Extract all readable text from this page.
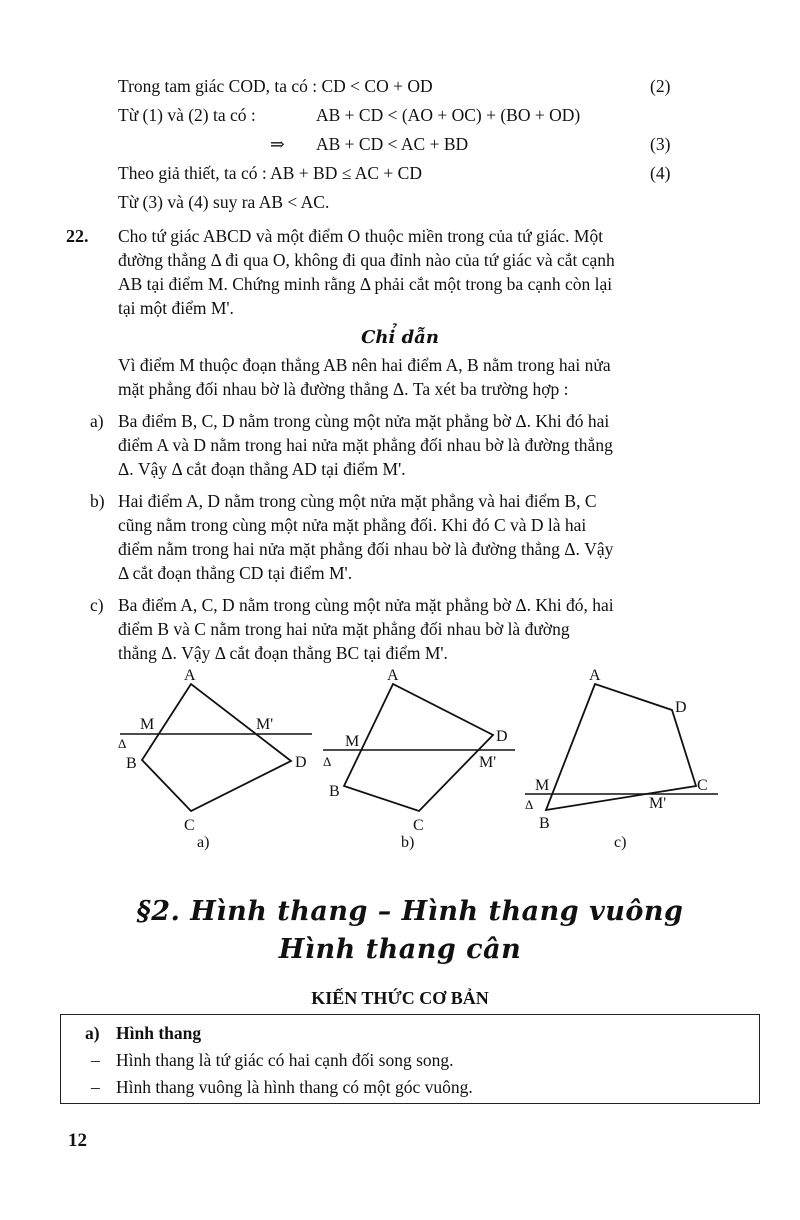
Trong tam giác COD, ta có : CD < CO + OD	(2)
Từ (1) và (2) ta có :	AB + CD < (AO + OC) + (BO + OD)
⇒ AB + CD < AC + BD	(3)
Theo giả thiết, ta có : AB + BD ≤ AC + CD	(4)
Từ (3) và (4) suy ra AB < AC.
22. Cho tứ giác ABCD và một điểm O thuộc miền trong của tứ giác. Một
đường thẳng Δ đi qua O, không đi qua đỉnh nào của tứ giác và cắt cạnh
AB tại điểm M. Chứng minh rằng Δ phải cắt một trong ba cạnh còn lại
tại một điểm M'.
Chỉ dẫn
Vì điểm M thuộc đoạn thẳng AB nên hai điểm A, B nằm trong hai nửa
mặt phẳng đối nhau bờ là đường thẳng Δ. Ta xét ba trường hợp :
a) Ba điểm B, C, D nằm trong cùng một nửa mặt phẳng bờ Δ. Khi đó hai
điểm A và D nằm trong hai nửa mặt phẳng đối nhau bờ là đường thẳng
Δ. Vậy Δ cắt đoạn thẳng AD tại điểm M'.
b) Hai điểm A, D nằm trong cùng một nửa mặt phẳng và hai điểm B, C
cũng nằm trong cùng một nửa mặt phẳng đối. Khi đó C và D là hai
điểm nằm trong hai nửa mặt phẳng đối nhau bờ là đường thẳng Δ. Vậy
Δ cắt đoạn thẳng CD tại điểm M'.
c) Ba điểm A, C, D nằm trong cùng một nửa mặt phẳng bờ Δ. Khi đó, hai
điểm B và C nằm trong hai nửa mặt phẳng đối nhau bờ là đường
thẳng Δ. Vậy Δ cắt đoạn thẳng BC tại điểm M'.
A
M	M'
Δ
B	D
C
a)
A
M
Δ
D
M'
B
C
b)
A
D
M	C
Δ	M'
B
c)
§2. Hình thang – Hình thang vuông
Hình thang cân
KIẾN THỨC CƠ BẢN
a) Hình thang
– Hình thang là tứ giác có hai cạnh đối song song.
– Hình thang vuông là hình thang có một góc vuông.
12
